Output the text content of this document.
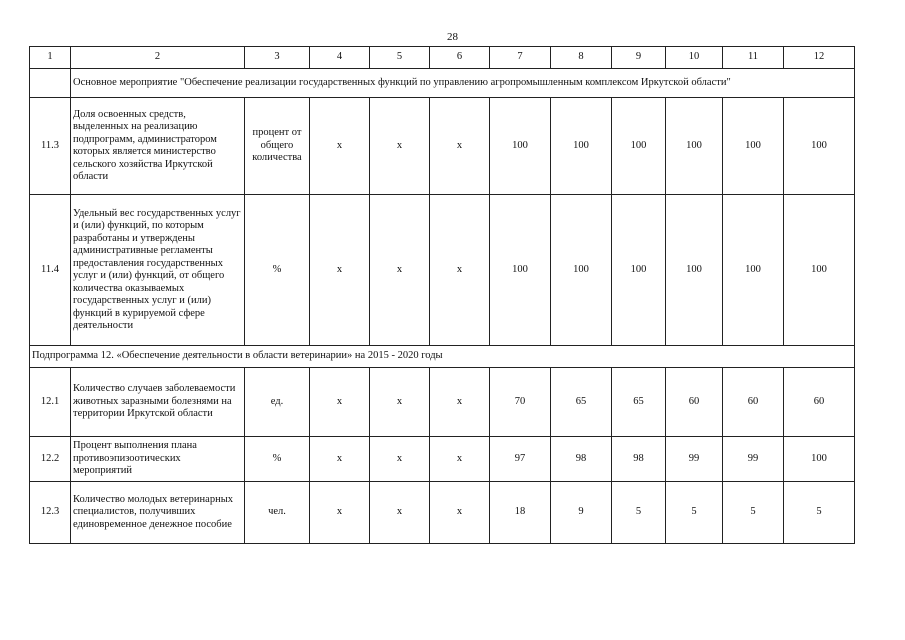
28
1	2	3	4	5	6	7	8	9	10	11	12
	Основное мероприятие "Обеспечение реализации государственных функций по управлению агропромышленным комплексом Иркутской области"										
11.3	Доля освоенных средств, выделенных на реализацию подпрограмм, администратором которых является министерство сельского хозяйства Иркутской области	процент от общего количества	x	x	x	100	100	100	100	100	100
11.4	Удельный вес государственных услуг и (или) функций, по которым разработаны и утверждены административные регламенты предоставления государственных услуг и (или) функций, от общего количества оказываемых государственных услуг и (или) функций в курируемой сфере деятельности	%	x	x	x	100	100	100	100	100	100
Подпрограмма 12. «Обеспечение деятельности в области ветеринарии» на 2015 - 2020 годы											
12.1	Количество случаев заболеваемости животных заразными болезнями на территории Иркутской области	ед.	x	x	x	70	65	65	60	60	60
12.2	Процент выполнения плана противоэпизоотических мероприятий	%	x	x	x	97	98	98	99	99	100
12.3	Количество молодых ветеринарных специалистов, получивших единовременное денежное пособие	чел.	x	x	x	18	9	5	5	5	5
